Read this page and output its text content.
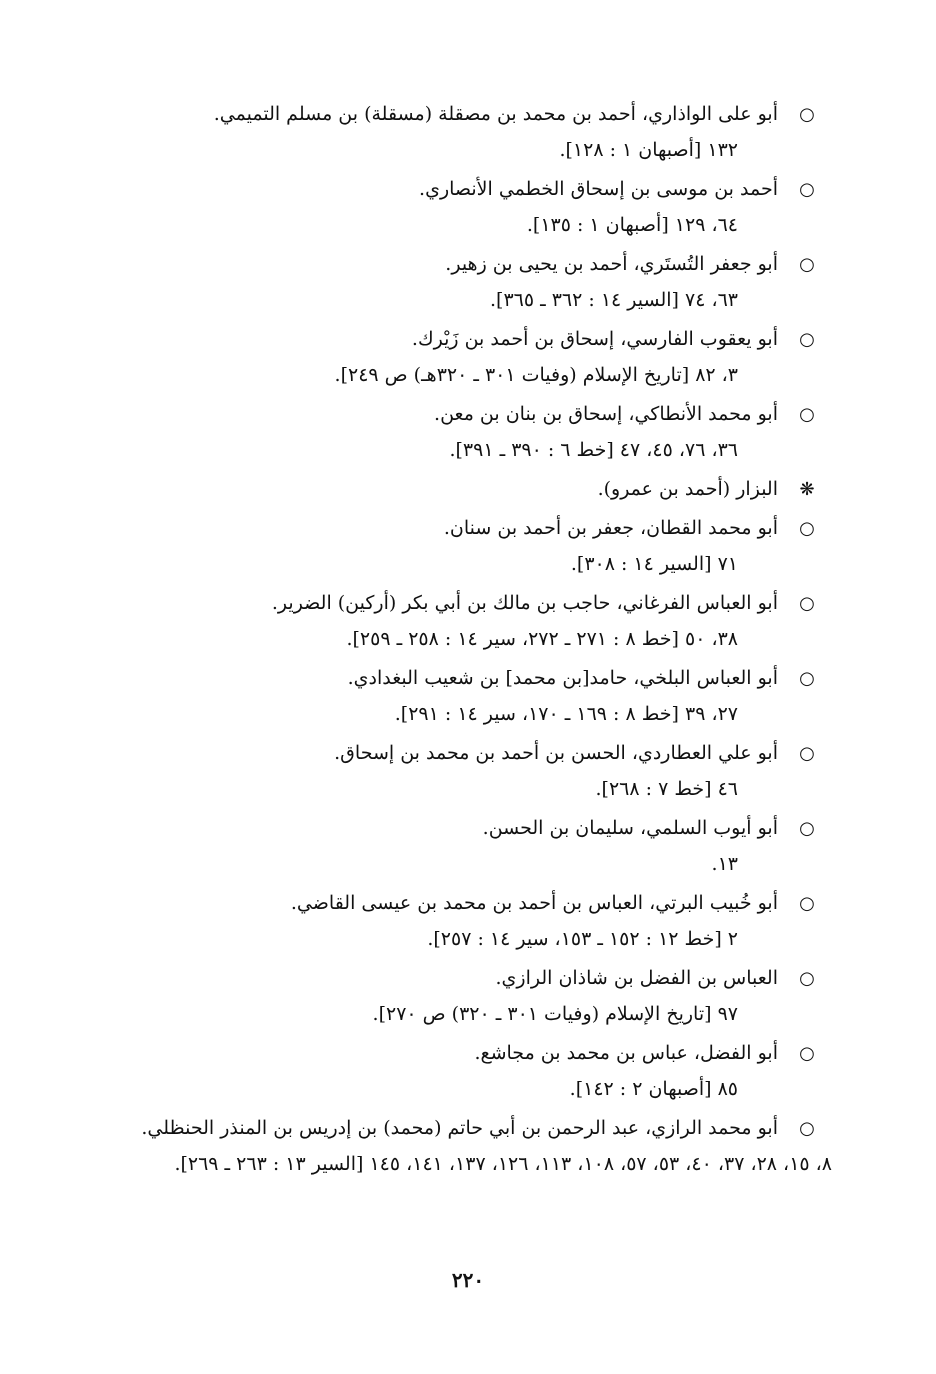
○
أبو على الواذاري، أحمد بن محمد بن مصقلة (مسقلة) بن مسلم التميمي.
١٣٢ [أصبهان ١ : ١٢٨].
○
أحمد بن موسى بن إسحاق الخطمي الأنصاري.
٦٤، ١٢٩ [أصبهان ١ : ١٣٥].
○
أبو جعفر التُستَري، أحمد بن يحيى بن زهير.
٦٣، ٧٤ [السير ١٤ : ٣٦٢ ـ ٣٦٥].
○
أبو يعقوب الفارسي، إسحاق بن أحمد بن زَيْرك.
٣، ٨٢ [تاريخ الإسلام (وفيات ٣٠١ ـ ٣٢٠هـ) ص ٢٤٩].
○
أبو محمد الأنطاكي، إسحاق بن بنان بن معن.
٣٦، ٧٦، ٤٥، ٤٧ [خط ٦ : ٣٩٠ ـ ٣٩١].
❋
البزار (أحمد بن عمرو).
○
أبو محمد القطان، جعفر بن أحمد بن سنان.
٧١ [السير ١٤ : ٣٠٨].
○
أبو العباس الفرغاني، حاجب بن مالك بن أبي بكر (أركين) الضرير.
٣٨، ٥٠ [خط ٨ : ٢٧١ ـ ٢٧٢، سير ١٤ : ٢٥٨ ـ ٢٥٩].
○
أبو العباس البلخي، حامد[بن محمد] بن شعيب البغدادي.
٢٧، ٣٩ [خط ٨ : ١٦٩ ـ ١٧٠، سير ١٤ : ٢٩١].
○
أبو علي العطاردي، الحسن بن أحمد بن محمد بن إسحاق.
٤٦ [خط ٧ : ٢٦٨].
○
أبو أيوب السلمي، سليمان بن الحسن.
١٣.
○
أبو خُبيب البرتي، العباس بن أحمد بن محمد بن عيسى القاضي.
٢ [خط ١٢ : ١٥٢ ـ ١٥٣، سير ١٤ : ٢٥٧].
○
العباس بن الفضل بن شاذان الرازي.
٩٧ [تاريخ الإسلام (وفيات ٣٠١ ـ ٣٢٠) ص ٢٧٠].
○
أبو الفضل، عباس بن محمد بن مجاشع.
٨٥ [أصبهان ٢ : ١٤٢].
○
أبو محمد الرازي، عبد الرحمن بن أبي حاتم (محمد) بن إدريس بن المنذر الحنظلي.
٨، ١٥، ٢٨، ٣٧، ٤٠، ٥٣، ٥٧، ١٠٨، ١١٣، ١٢٦، ١٣٧، ١٤١، ١٤٥ [السير ١٣ : ٢٦٣ ـ ٢٦٩].
٢٢٠
